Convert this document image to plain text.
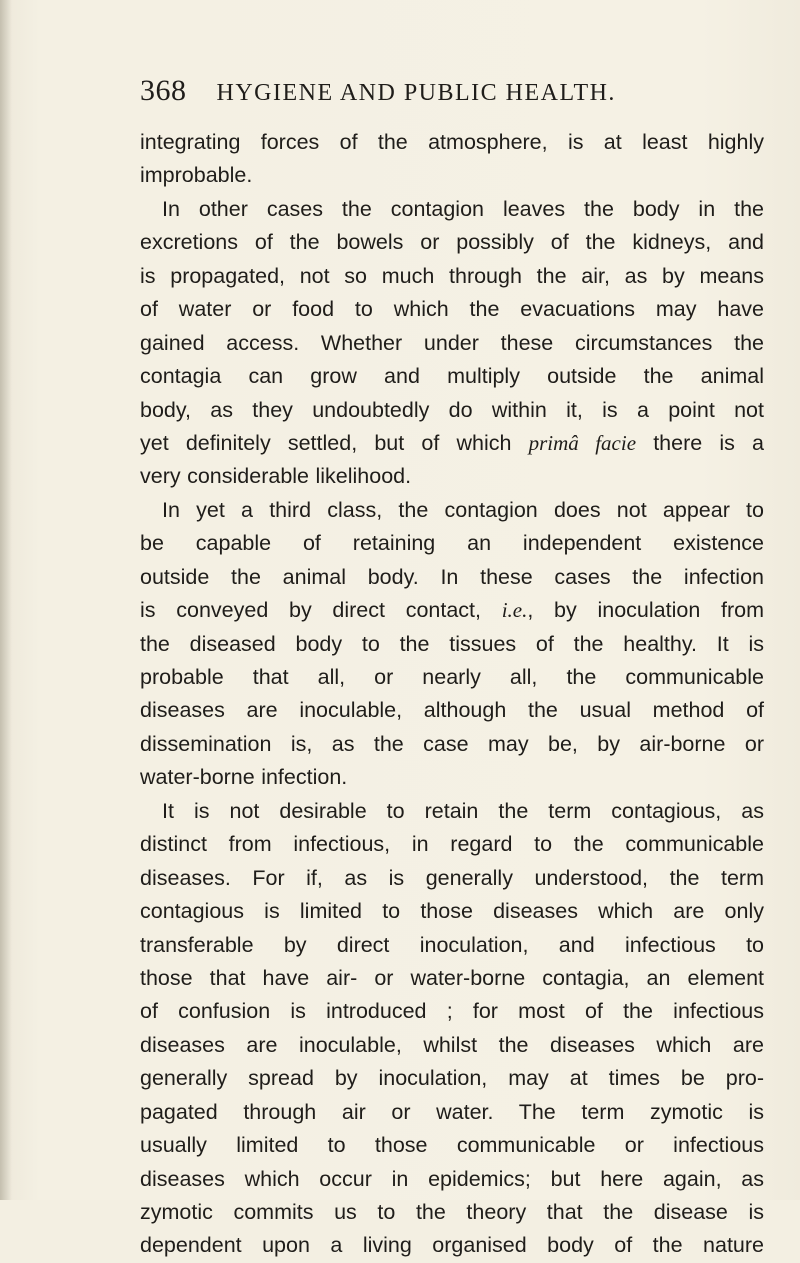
368 HYGIENE AND PUBLIC HEALTH.
integrating forces of the atmosphere, is at least highly
improbable.
In other cases the contagion leaves the body in the
excretions of the bowels or possibly of the kidneys, and
is propagated, not so much through the air, as by means
of water or food to which the evacuations may have
gained access. Whether under these circumstances the
contagia can grow and multiply outside the animal
body, as they undoubtedly do within it, is a point not
yet definitely settled, but of which primâ facie there is a
very considerable likelihood.
In yet a third class, the contagion does not appear to
be capable of retaining an independent existence
outside the animal body. In these cases the infection
is conveyed by direct contact, i.e., by inoculation from
the diseased body to the tissues of the healthy. It is
probable that all, or nearly all, the communicable
diseases are inoculable, although the usual method of
dissemination is, as the case may be, by air-borne or
water-borne infection.
It is not desirable to retain the term contagious, as
distinct from infectious, in regard to the communicable
diseases. For if, as is generally understood, the term
contagious is limited to those diseases which are only
transferable by direct inoculation, and infectious to
those that have air- or water-borne contagia, an element
of confusion is introduced ; for most of the infectious
diseases are inoculable, whilst the diseases which are
generally spread by inoculation, may at times be pro-
pagated through air or water. The term zymotic is
usually limited to those communicable or infectious
diseases which occur in epidemics; but here again, as
zymotic commits us to the theory that the disease is
dependent upon a living organised body of the nature
